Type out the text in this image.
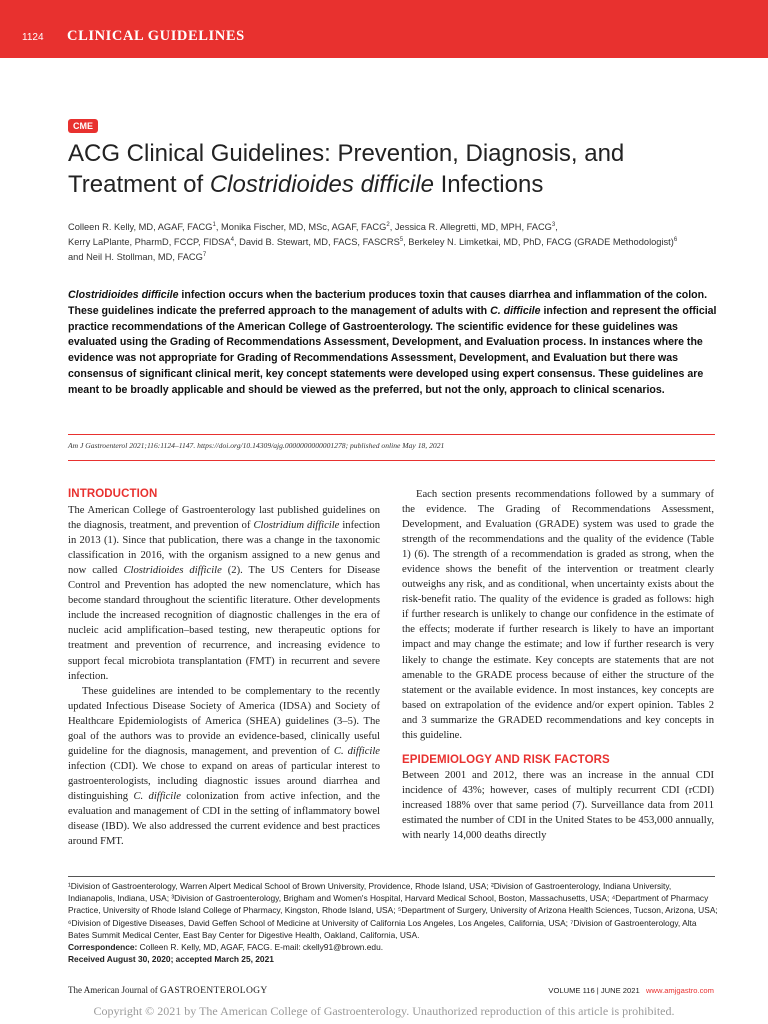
1124 CLINICAL GUIDELINES
CME
ACG Clinical Guidelines: Prevention, Diagnosis, and
Treatment of Clostridioides difficile Infections
Colleen R. Kelly, MD, AGAF, FACG$^1$, Monika Fischer, MD, MSc, AGAF, FACG$^2$, Jessica R. Allegretti, MD, MPH, FACG$^3$,
Kerry LaPlante, PharmD, FCCP, FIDSA$^4$, David B. Stewart, MD, FACS, FASCRS$^5$, Berkeley N. Limketkai, MD, PhD, FACG (GRADE Methodologist)$^6$
and Neil H. Stollman, MD, FACG$^7$
Clostridioides difficile infection occurs when the bacterium produces toxin that causes diarrhea and inflammation of the colon. These guidelines indicate the preferred approach to the management of adults with C. difficile infection and represent the official practice recommendations of the American College of Gastroenterology. The scientific evidence for these guidelines was evaluated using the Grading of Recommendations Assessment, Development, and Evaluation process. In instances where the evidence was not appropriate for Grading of Recommendations Assessment, Development, and Evaluation but there was consensus of significant clinical merit, key concept statements were developed using expert consensus. These guidelines are meant to be broadly applicable and should be viewed as the preferred, but not the only, approach to clinical scenarios.
Am J Gastroenterol 2021;116:1124–1147. https://doi.org/10.14309/ajg.0000000000001278; published online May 18, 2021
INTRODUCTION

The American College of Gastroenterology last published guidelines on the diagnosis, treatment, and prevention of Clostridium difficile infection in 2013 (1). Since that publication, there was a change in the taxonomic classification in 2016, with the organism assigned to a new genus and now called Clostridioides difficile (2). The US Centers for Disease Control and Prevention has adopted the new nomenclature, which has become standard throughout the scientific literature. Other developments include the increased recognition of diagnostic challenges in the era of nucleic acid amplification–based testing, new therapeutic options for treatment and prevention of recurrence, and increasing evidence to support fecal microbiota transplantation (FMT) in recurrent and severe infection.

These guidelines are intended to be complementary to the recently updated Infectious Disease Society of America (IDSA) and Society of Healthcare Epidemiologists of America (SHEA) guidelines (3–5). The goal of the authors was to provide an evidence-based, clinically useful guideline for the diagnosis, management, and prevention of C. difficile infection (CDI). We chose to expand on areas of particular interest to gastroenterologists, including diagnostic issues around diarrhea and distinguishing C. difficile colonization from active infection, and the evaluation and management of CDI in the setting of inflammatory bowel disease (IBD). We also addressed the current evidence and best practices around FMT.

Each section presents recommendations followed by a summary of the evidence. The Grading of Recommendations Assessment, Development, and Evaluation (GRADE) system was used to grade the strength of the recommendations and the quality of the evidence (Table 1) (6). The strength of a recommendation is graded as strong, when the evidence shows the benefit of the intervention or treatment clearly outweighs any risk, and as conditional, when uncertainty exists about the risk-benefit ratio. The quality of the evidence is graded as follows: high if further research is unlikely to change our confidence in the estimate of the effects; moderate if further research is likely to have an important impact and may change the estimate; and low if further research is very likely to change the estimate. Key concepts are statements that are not amenable to the GRADE process because of either the structure of the statement or the available evidence. In most instances, key concepts are based on extrapolation of the evidence and/or expert opinion. Tables 2 and 3 summarize the GRADED recommendations and key concepts in this guideline.

EPIDEMIOLOGY AND RISK FACTORS

Between 2001 and 2012, there was an increase in the annual CDI incidence of 43%; however, cases of multiply recurrent CDI (rCDI) increased 188% over that same period (7). Surveillance data from 2011 estimated the number of CDI in the United States to be 453,000 annually, with nearly 14,000 deaths directly

¹Division of Gastroenterology, Warren Alpert Medical School of Brown University, Providence, Rhode Island, USA; ²Division of Gastroenterology, Indiana University, Indianapolis, Indiana, USA; ³Division of Gastroenterology, Brigham and Women's Hospital, Harvard Medical School, Boston, Massachusetts, USA; ⁴Department of Pharmacy Practice, University of Rhode Island College of Pharmacy, Kingston, Rhode Island, USA; ⁵Department of Surgery, University of Arizona Health Sciences, Tucson, Arizona, USA; ⁶Division of Digestive Diseases, David Geffen School of Medicine at University of California Los Angeles, Los Angeles, California, USA; ⁷Division of Gastroenterology, Alta Bates Summit Medical Center, East Bay Center for Digestive Health, Oakland, California, USA.

Correspondence: Colleen R. Kelly, MD, AGAF, FACG. E-mail: ckelly91@brown.edu.

Received August 30, 2020; accepted March 25, 2021

The American Journal of GASTROENTEROLOGY	VOLUME 116 | JUNE 2021 www.amjgastro.com
Copyright © 2021 by The American College of Gastroenterology. Unauthorized reproduction of this article is prohibited.
